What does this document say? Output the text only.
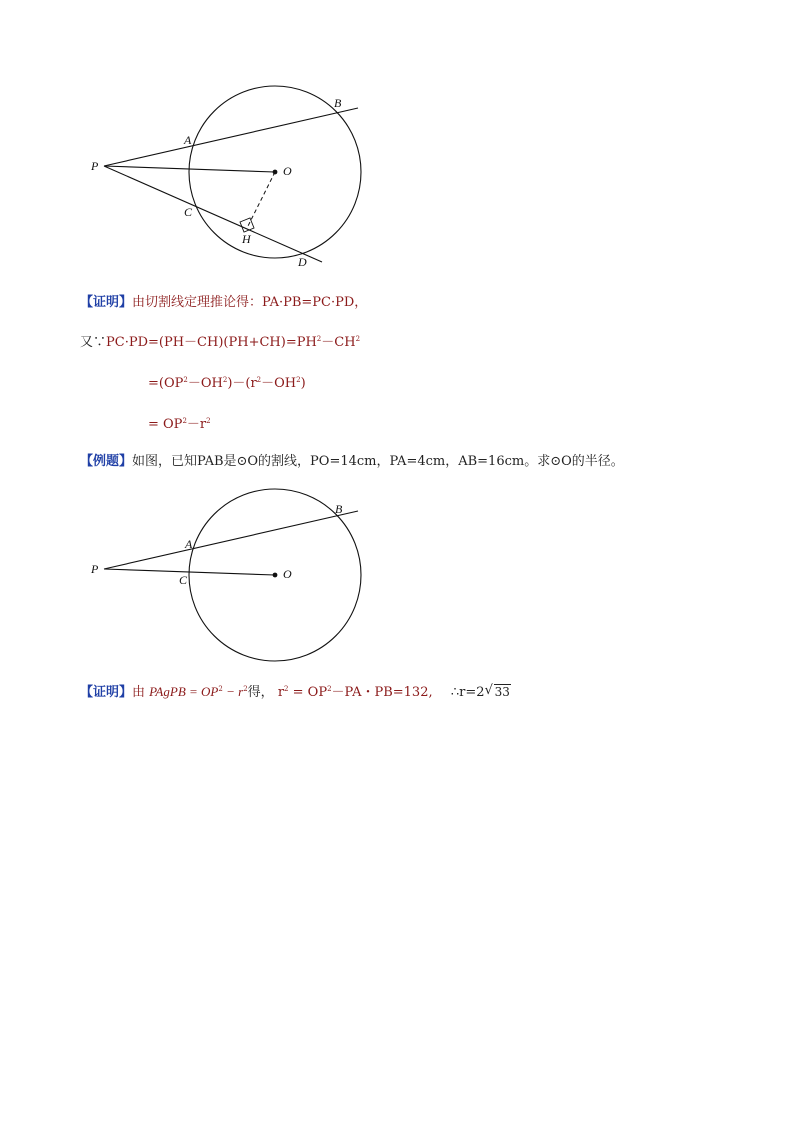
P
A
B
O
C
H
D
【证明】由切割线定理推论得：PA·PB=PC·PD，
又$\because PC\cdot PD=(PH-CH)(PH+CH)=PH^2-CH^2$
$=(OP^2-OH^2)-(r^2-OH^2)$
= $OP^2-r^2$
【例题】如图，已知PAB是⊙O的割线，PO=14cm，PA=4cm，AB=16cm。求⊙O的半径。
P
A
B
O
C
【证明】由 PAgPB = $OP^2 - r^2$得， $r^2 = OP^2-PA$・PB=132, ∴r=2 √ 33
